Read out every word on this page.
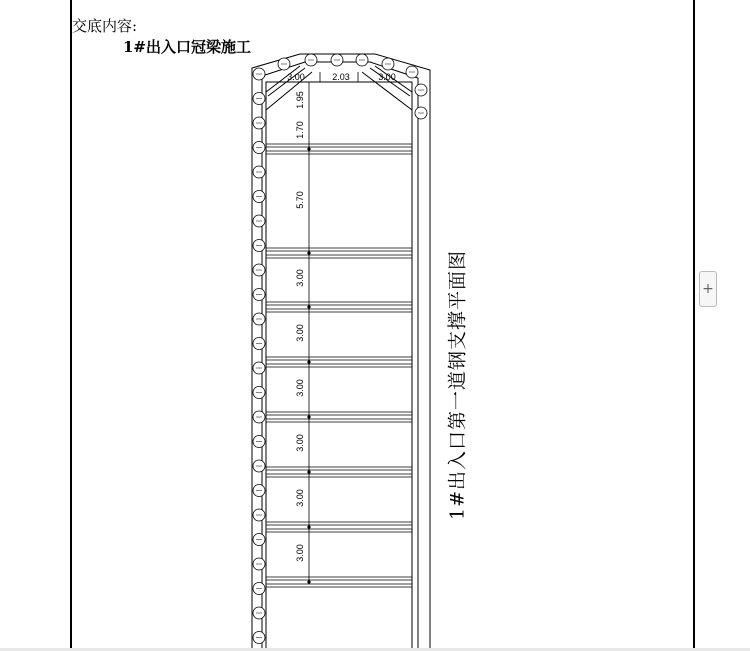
交底内容:
1#出入口冠梁施工
3.00	2.03	3.00
1.95
1.70
5.70
3.00
3.00
3.00
3.00
3.00
3.00
1#出入口第一道钢支撑平面图	+
